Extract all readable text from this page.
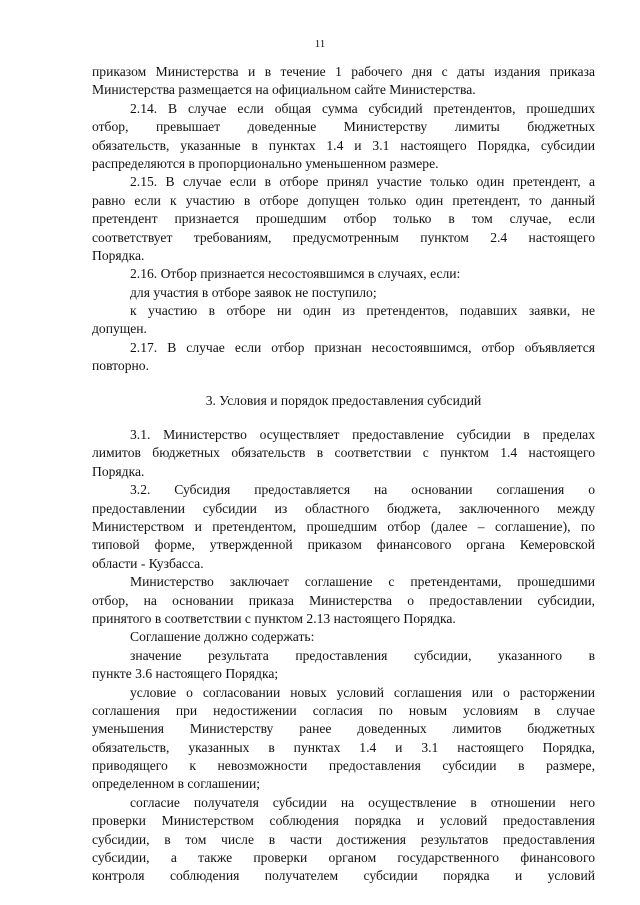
11
приказом Министерства и в течение 1 рабочего дня с даты издания приказа
Министерства размещается на официальном сайте Министерства.
2.14. В случае если общая сумма субсидий претендентов, прошедших
отбор, превышает доведенные Министерству лимиты бюджетных
обязательств, указанные в пунктах 1.4 и 3.1 настоящего Порядка, субсидии
распределяются в пропорционально уменьшенном размере.
2.15. В случае если в отборе принял участие только один претендент, а
равно если к участию в отборе допущен только один претендент, то данный
претендент признается прошедшим отбор только в том случае, если
соответствует требованиям, предусмотренным пунктом 2.4 настоящего
Порядка.
2.16. Отбор признается несостоявшимся в случаях, если:
для участия в отборе заявок не поступило;
к участию в отборе ни один из претендентов, подавших заявки, не
допущен.
2.17. В случае если отбор признан несостоявшимся, отбор объявляется
повторно.
3. Условия и порядок предоставления субсидий
3.1. Министерство осуществляет предоставление субсидии в пределах
лимитов бюджетных обязательств в соответствии с пунктом 1.4 настоящего
Порядка.
3.2. Субсидия предоставляется на основании соглашения о
предоставлении субсидии из областного бюджета, заключенного между
Министерством и претендентом, прошедшим отбор (далее – соглашение), по
типовой форме, утвержденной приказом финансового органа Кемеровской
области - Кузбасса.
Министерство заключает соглашение с претендентами, прошедшими
отбор, на основании приказа Министерства о предоставлении субсидии,
принятого в соответствии с пунктом 2.13 настоящего Порядка.
Соглашение должно содержать:
значение результата предоставления субсидии, указанного в
пункте 3.6 настоящего Порядка;
условие о согласовании новых условий соглашения или о расторжении
соглашения при недостижении согласия по новым условиям в случае
уменьшения Министерству ранее доведенных лимитов бюджетных
обязательств, указанных в пунктах 1.4 и 3.1 настоящего Порядка,
приводящего к невозможности предоставления субсидии в размере,
определенном в соглашении;
согласие получателя субсидии на осуществление в отношении него
проверки Министерством соблюдения порядка и условий предоставления
субсидии, в том числе в части достижения результатов предоставления
субсидии, а также проверки органом государственного финансового
контроля соблюдения получателем субсидии порядка и условий
